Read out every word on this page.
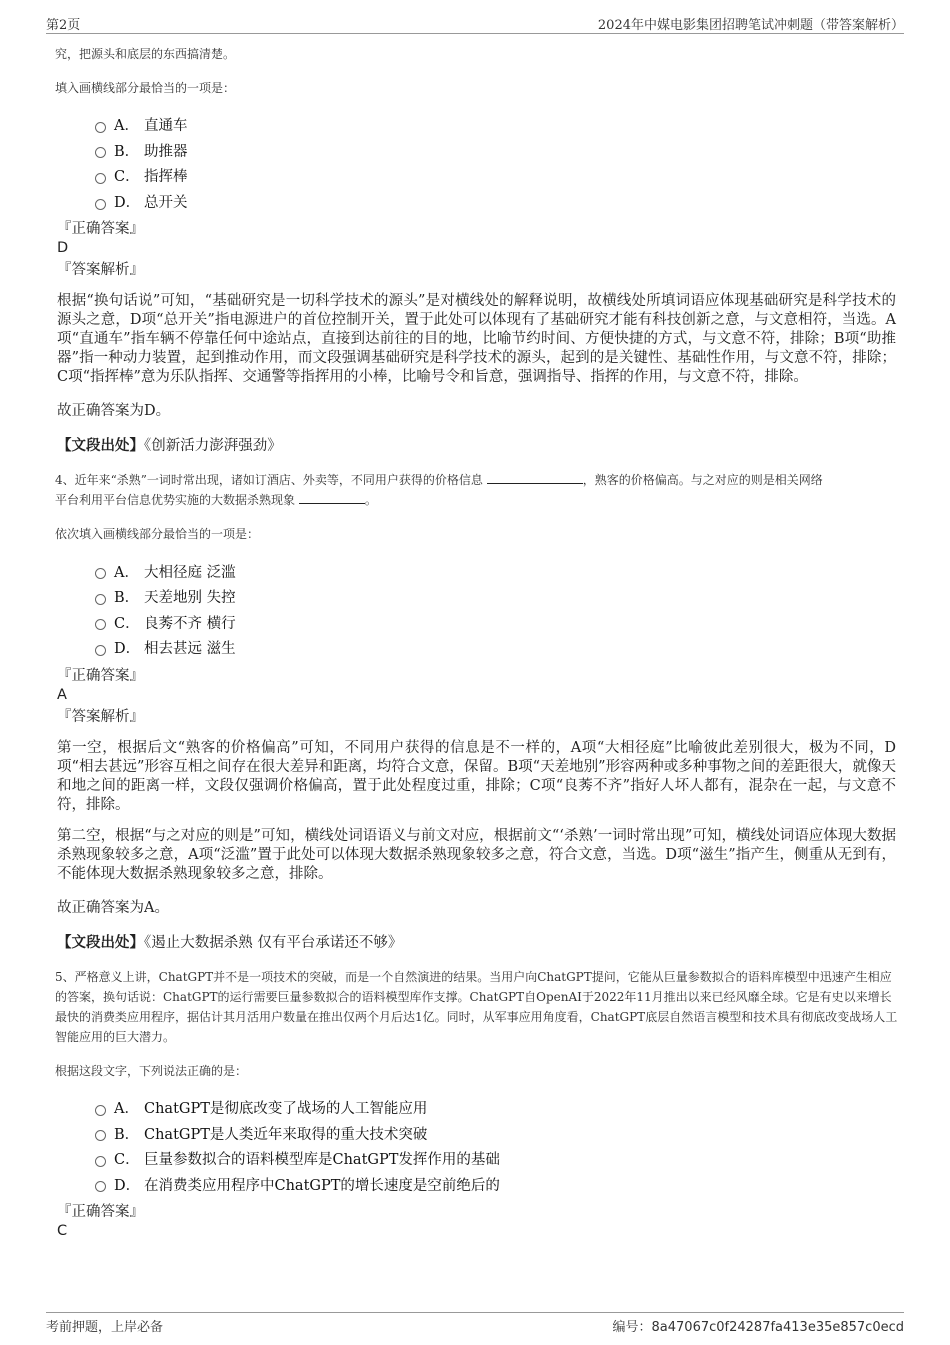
第2页	2024年中媒电影集团招聘笔试冲刺题（带答案解析）
究，把源头和底层的东西搞清楚。
填入画横线部分最恰当的一项是：
A． 直通车
B． 助推器
C． 指挥棒
D． 总开关
『正确答案』
D
『答案解析』
根据“换句话说”可知，“基础研究是一切科学技术的源头”是对横线处的解释说明，故横线处所填词语应体现基础研究是科学技术的源头之意，D项“总开关”指电源进户的首位控制开关，置于此处可以体现有了基础研究才能有科技创新之意，与文意相符，当选。A项“直通车”指车辆不停靠任何中途站点，直接到达前往的目的地，比喻节约时间、方便快捷的方式，与文意不符，排除；B项“助推器”指一种动力装置，起到推动作用，而文段强调基础研究是科学技术的源头，起到的是关键性、基础性作用，与文意不符，排除；C项“指挥棒”意为乐队指挥、交通警等指挥用的小棒，比喻号令和旨意，强调指导、指挥的作用，与文意不符，排除。
故正确答案为D。
【文段出处】《创新活力澎湃强劲》
4、近年来“杀熟”一词时常出现，诸如订酒店、外卖等，不同用户获得的价格信息	，熟客的价格偏高。与之对应的则是相关网络
平台利用平台信息优势实施的大数据杀熟现象	。
依次填入画横线部分最恰当的一项是：
A． 大相径庭 泛滥
B． 天差地别 失控
C． 良莠不齐 横行
D． 相去甚远 滋生
『正确答案』
A
『答案解析』
第一空，根据后文“熟客的价格偏高”可知，不同用户获得的信息是不一样的，A项“大相径庭”比喻彼此差别很大，极为不同，D项“相去甚远”形容互相之间存在很大差异和距离，均符合文意，保留。B项“天差地别”形容两种或多种事物之间的差距很大，就像天和地之间的距离一样，文段仅强调价格偏高，置于此处程度过重，排除；C项“良莠不齐”指好人坏人都有，混杂在一起，与文意不符，排除。
第二空，根据“与之对应的则是”可知，横线处词语语义与前文对应，根据前文“‘杀熟’一词时常出现”可知，横线处词语应体现大数据杀熟现象较多之意，A项“泛滥”置于此处可以体现大数据杀熟现象较多之意，符合文意，当选。D项“滋生”指产生，侧重从无到有，不能体现大数据杀熟现象较多之意，排除。
故正确答案为A。
【文段出处】《遏止大数据杀熟 仅有平台承诺还不够》
5、严格意义上讲，ChatGPT并不是一项技术的突破，而是一个自然演进的结果。当用户向ChatGPT提问，它能从巨量参数拟合的语料库模型中迅速产生相应的答案，换句话说：ChatGPT的运行需要巨量参数拟合的语料模型库作支撑。ChatGPT自OpenAI于2022年11月推出以来已经风靡全球。它是有史以来增长最快的消费类应用程序，据估计其月活用户数量在推出仅两个月后达1亿。同时，从军事应用角度看，ChatGPT底层自然语言模型和技术具有彻底改变战场人工智能应用的巨大潜力。
根据这段文字，下列说法正确的是：
A． ChatGPT是彻底改变了战场的人工智能应用
B． ChatGPT是人类近年来取得的重大技术突破
C． 巨量参数拟合的语料模型库是ChatGPT发挥作用的基础
D． 在消费类应用程序中ChatGPT的增长速度是空前绝后的
『正确答案』
C
考前押题，上岸必备	编号：8a47067c0f24287fa413e35e857c0ecd
